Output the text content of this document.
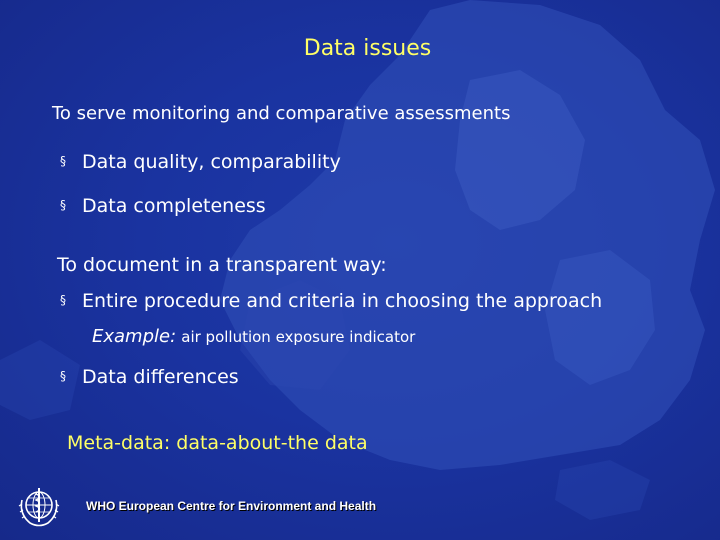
Data issues
To serve monitoring and comparative assessments
§ Data quality, comparability
§ Data completeness
To document in a transparent way:
§ Entire procedure and criteria in choosing the approach
Example: air pollution exposure indicator
§ Data differences
Meta-data: data-about-the data
WHO European Centre for Environment and Health
